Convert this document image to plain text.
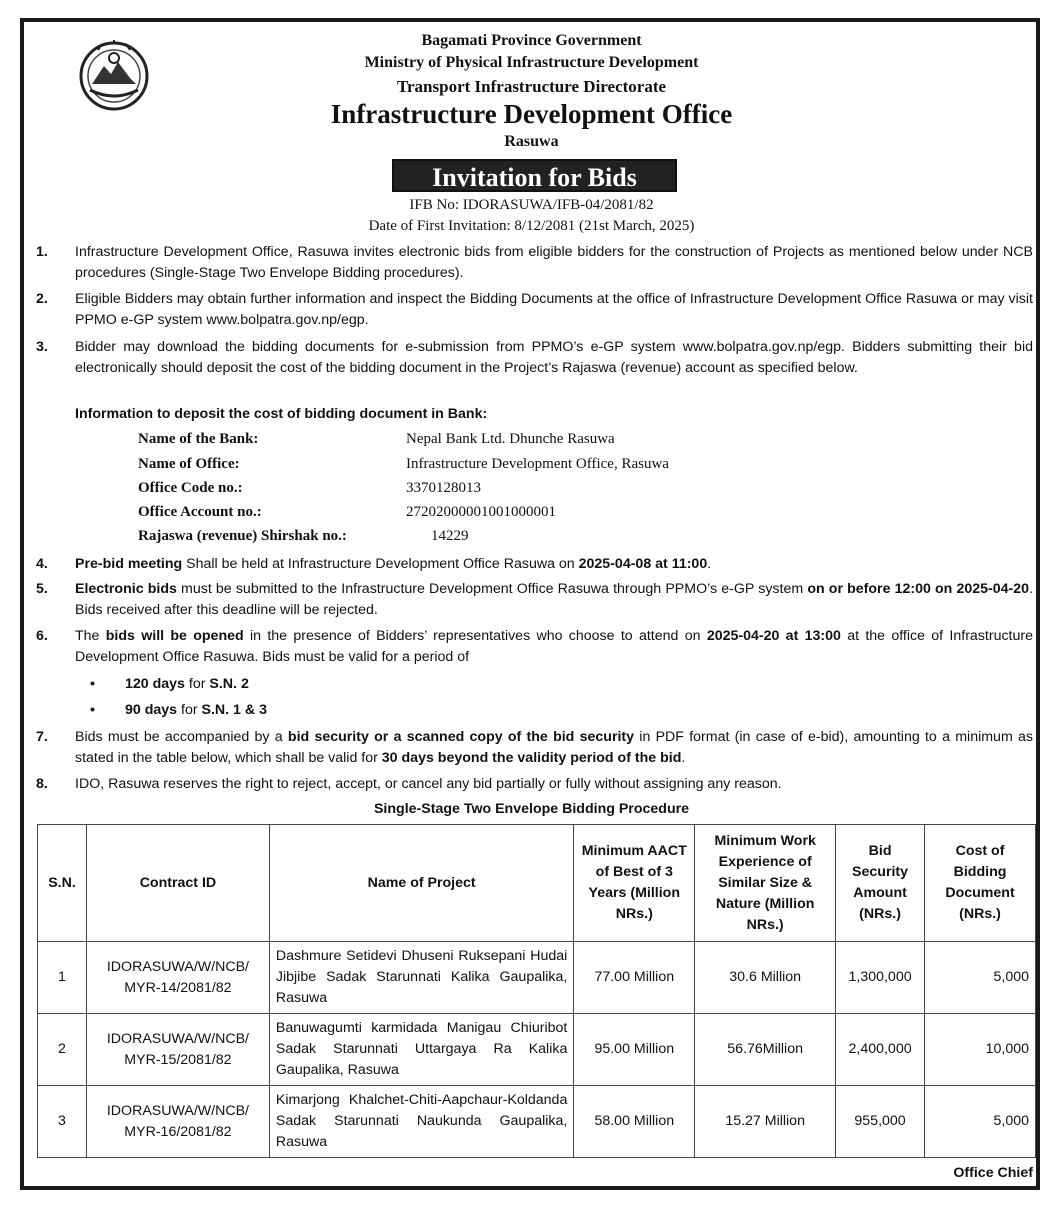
Bagamati Province Government
Ministry of Physical Infrastructure Development
Transport Infrastructure Directorate
Infrastructure Development Office
Rasuwa
Invitation for Bids
IFB No: IDORASUWA/IFB-04/2081/82
Date of First Invitation: 8/12/2081 (21st March, 2025)
1. Infrastructure Development Office, Rasuwa invites electronic bids from eligible bidders for the construction of Projects as mentioned below under NCB procedures (Single-Stage Two Envelope Bidding procedures).
2. Eligible Bidders may obtain further information and inspect the Bidding Documents at the office of Infrastructure Development Office Rasuwa or may visit PPMO e-GP system www.bolpatra.gov.np/egp.
3. Bidder may download the bidding documents for e-submission from PPMO’s e-GP system www.bolpatra.gov.np/egp. Bidders submitting their bid electronically should deposit the cost of the bidding document in the Project’s Rajaswa (revenue) account as specified below.
Information to deposit the cost of bidding document in Bank:
Name of the Bank:	Nepal Bank Ltd. Dhunche Rasuwa
Name of Office:	Infrastructure Development Office, Rasuwa
Office Code no.:	3370128013
Office Account no.:	27202000001001000001
Rajaswa (revenue) Shirshak no.:	14229
4. Pre-bid meeting Shall be held at Infrastructure Development Office Rasuwa on 2025-04-08 at 11:00.
5. Electronic bids must be submitted to the Infrastructure Development Office Rasuwa through PPMO’s e-GP system on or before 12:00 on 2025-04-20. Bids received after this deadline will be rejected.
6. The bids will be opened in the presence of Bidders’ representatives who choose to attend on 2025-04-20 at 13:00 at the office of Infrastructure Development Office Rasuwa. Bids must be valid for a period of
• 120 days for S.N. 2
• 90 days for S.N. 1 & 3
7. Bids must be accompanied by a bid security or a scanned copy of the bid security in PDF format (in case of e-bid), amounting to a minimum as stated in the table below, which shall be valid for 30 days beyond the validity period of the bid.
8. IDO, Rasuwa reserves the right to reject, accept, or cancel any bid partially or fully without assigning any reason.
Single-Stage Two Envelope Bidding Procedure
S.N.	Contract ID	Name of Project	Minimum AACT of Best of 3 Years (Million NRs.)	Minimum Work Experience of Similar Size & Nature (Million NRs.)	Bid Security Amount (NRs.)	Cost of Bidding Document (NRs.)
1	IDORASUWA/W/NCB/ MYR-14/2081/82	Dashmure Setidevi Dhuseni Ruksepani Hudai Jibjibe Sadak Starunnati Kalika Gaupalika, Rasuwa	77.00 Million	30.6 Million	1,300,000	5,000
2	IDORASUWA/W/NCB/ MYR-15/2081/82	Banuwagumti karmidada Manigau Chiuribot Sadak Starunnati Uttargaya Ra Kalika Gaupalika, Rasuwa	95.00 Million	56.76Million	2,400,000	10,000
3	IDORASUWA/W/NCB/ MYR-16/2081/82	Kimarjong Khalchet-Chiti-Aapchaur-Koldanda Sadak Starunnati Naukunda Gaupalika, Rasuwa	58.00 Million	15.27 Million	955,000	5,000
Office Chief
